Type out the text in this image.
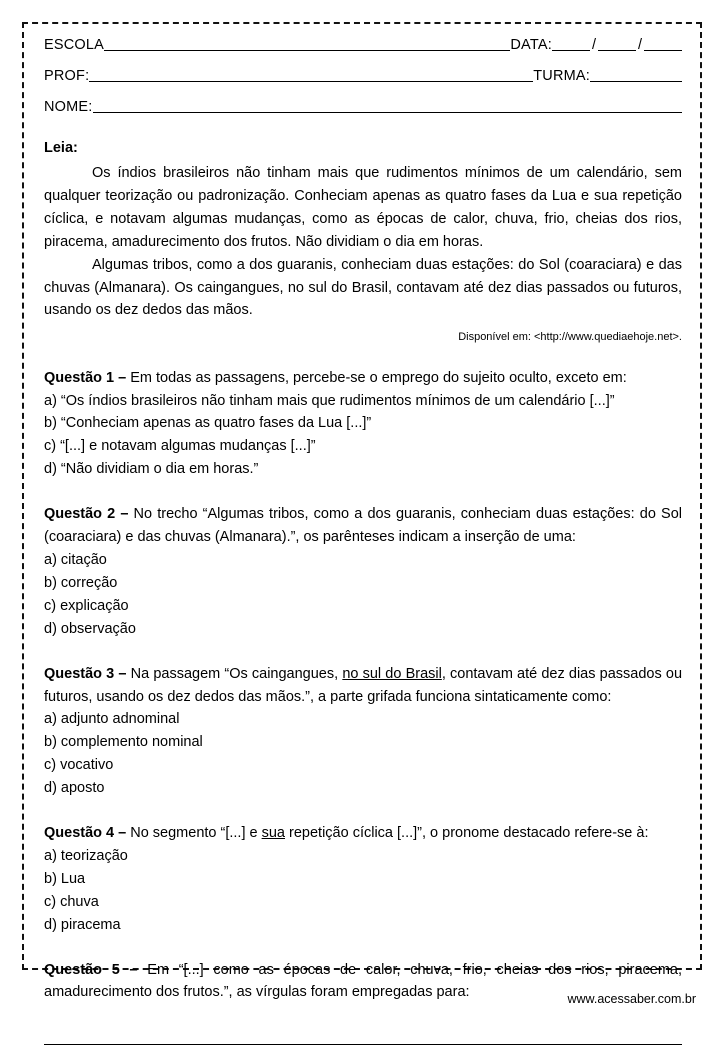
ESCOLA	DATA:	/	/
PROF:	TURMA:
NOME:
Leia:

Os índios brasileiros não tinham mais que rudimentos mínimos de um calendário, sem qualquer teorização ou padronização. Conheciam apenas as quatro fases da Lua e sua repetição cíclica, e notavam algumas mudanças, como as épocas de calor, chuva, frio, cheias dos rios, piracema, amadurecimento dos frutos. Não dividiam o dia em horas.

Algumas tribos, como a dos guaranis, conheciam duas estações: do Sol (coaraciara) e das chuvas (Almanara). Os caingangues, no sul do Brasil, contavam até dez dias passados ou futuros, usando os dez dedos das mãos.

Disponível em: <http://www.quediaehoje.net>.

Questão 1 – Em todas as passagens, percebe-se o emprego do sujeito oculto, exceto em:

a) “Os índios brasileiros não tinham mais que rudimentos mínimos de um calendário [...]”

b) “Conheciam apenas as quatro fases da Lua [...]”

c) “[...] e notavam algumas mudanças [...]”

d) “Não dividiam o dia em horas.”

Questão 2 – No trecho “Algumas tribos, como a dos guaranis, conheciam duas estações: do Sol (coaraciara) e das chuvas (Almanara).”, os parênteses indicam a inserção de uma:

a) citação

b) correção

c) explicação

d) observação

Questão 3 – Na passagem “Os caingangues, no sul do Brasil, contavam até dez dias passados ou futuros, usando os dez dedos das mãos.”, a parte grifada funciona sintaticamente como:

a) adjunto adnominal

b) complemento nominal

c) vocativo

d) aposto

Questão 4 – No segmento “[...] e sua repetição cíclica [...]”, o pronome destacado refere-se à:

a) teorização

b) Lua

c) chuva

d) piracema

Questão 5 – Em “[...] como as épocas de calor, chuva, frio, cheias dos rios, piracema, amadurecimento dos frutos.”, as vírgulas foram empregadas para:	www.acessaber.com.br
